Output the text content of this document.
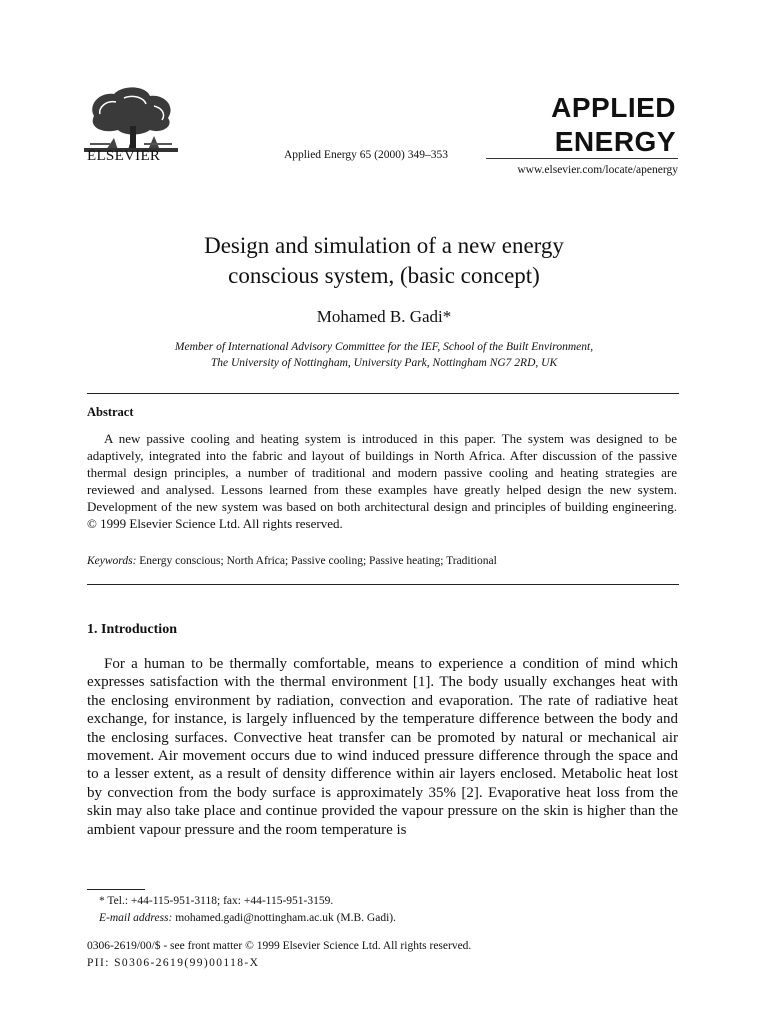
ELSEVIER	Applied Energy 65 (2000) 349–353
APPLIED
ENERGY
www.elsevier.com/locate/apenergy
Design and simulation of a new energy
conscious system, (basic concept)
Mohamed B. Gadi*
Member of International Advisory Committee for the IEF, School of the Built Environment,
The University of Nottingham, University Park, Nottingham NG7 2RD, UK
Abstract
A new passive cooling and heating system is introduced in this paper. The system was designed to be adaptively, integrated into the fabric and layout of buildings in North Africa. After discussion of the passive thermal design principles, a number of traditional and modern passive cooling and heating strategies are reviewed and analysed. Lessons learned from these examples have greatly helped design the new system. Development of the new system was based on both architectural design and principles of building engineering. © 1999 Elsevier Science Ltd. All rights reserved.
Keywords: Energy conscious; North Africa; Passive cooling; Passive heating; Traditional
1. Introduction
For a human to be thermally comfortable, means to experience a condition of mind which expresses satisfaction with the thermal environment [1]. The body usually exchanges heat with the enclosing environment by radiation, convection and evaporation. The rate of radiative heat exchange, for instance, is largely influenced by the temperature difference between the body and the enclosing surfaces. Convective heat transfer can be promoted by natural or mechanical air movement. Air movement occurs due to wind induced pressure difference through the space and to a lesser extent, as a result of density difference within air layers enclosed. Metabolic heat lost by convection from the body surface is approximately 35% [2]. Evaporative heat loss from the skin may also take place and continue provided the vapour pressure on the skin is higher than the ambient vapour pressure and the room temperature is
* Tel.: +44-115-951-3118; fax: +44-115-951-3159.
E-mail address: mohamed.gadi@nottingham.ac.uk (M.B. Gadi).
0306-2619/00/$ - see front matter © 1999 Elsevier Science Ltd. All rights reserved.
PII: S0306-2619(99)00118-X
